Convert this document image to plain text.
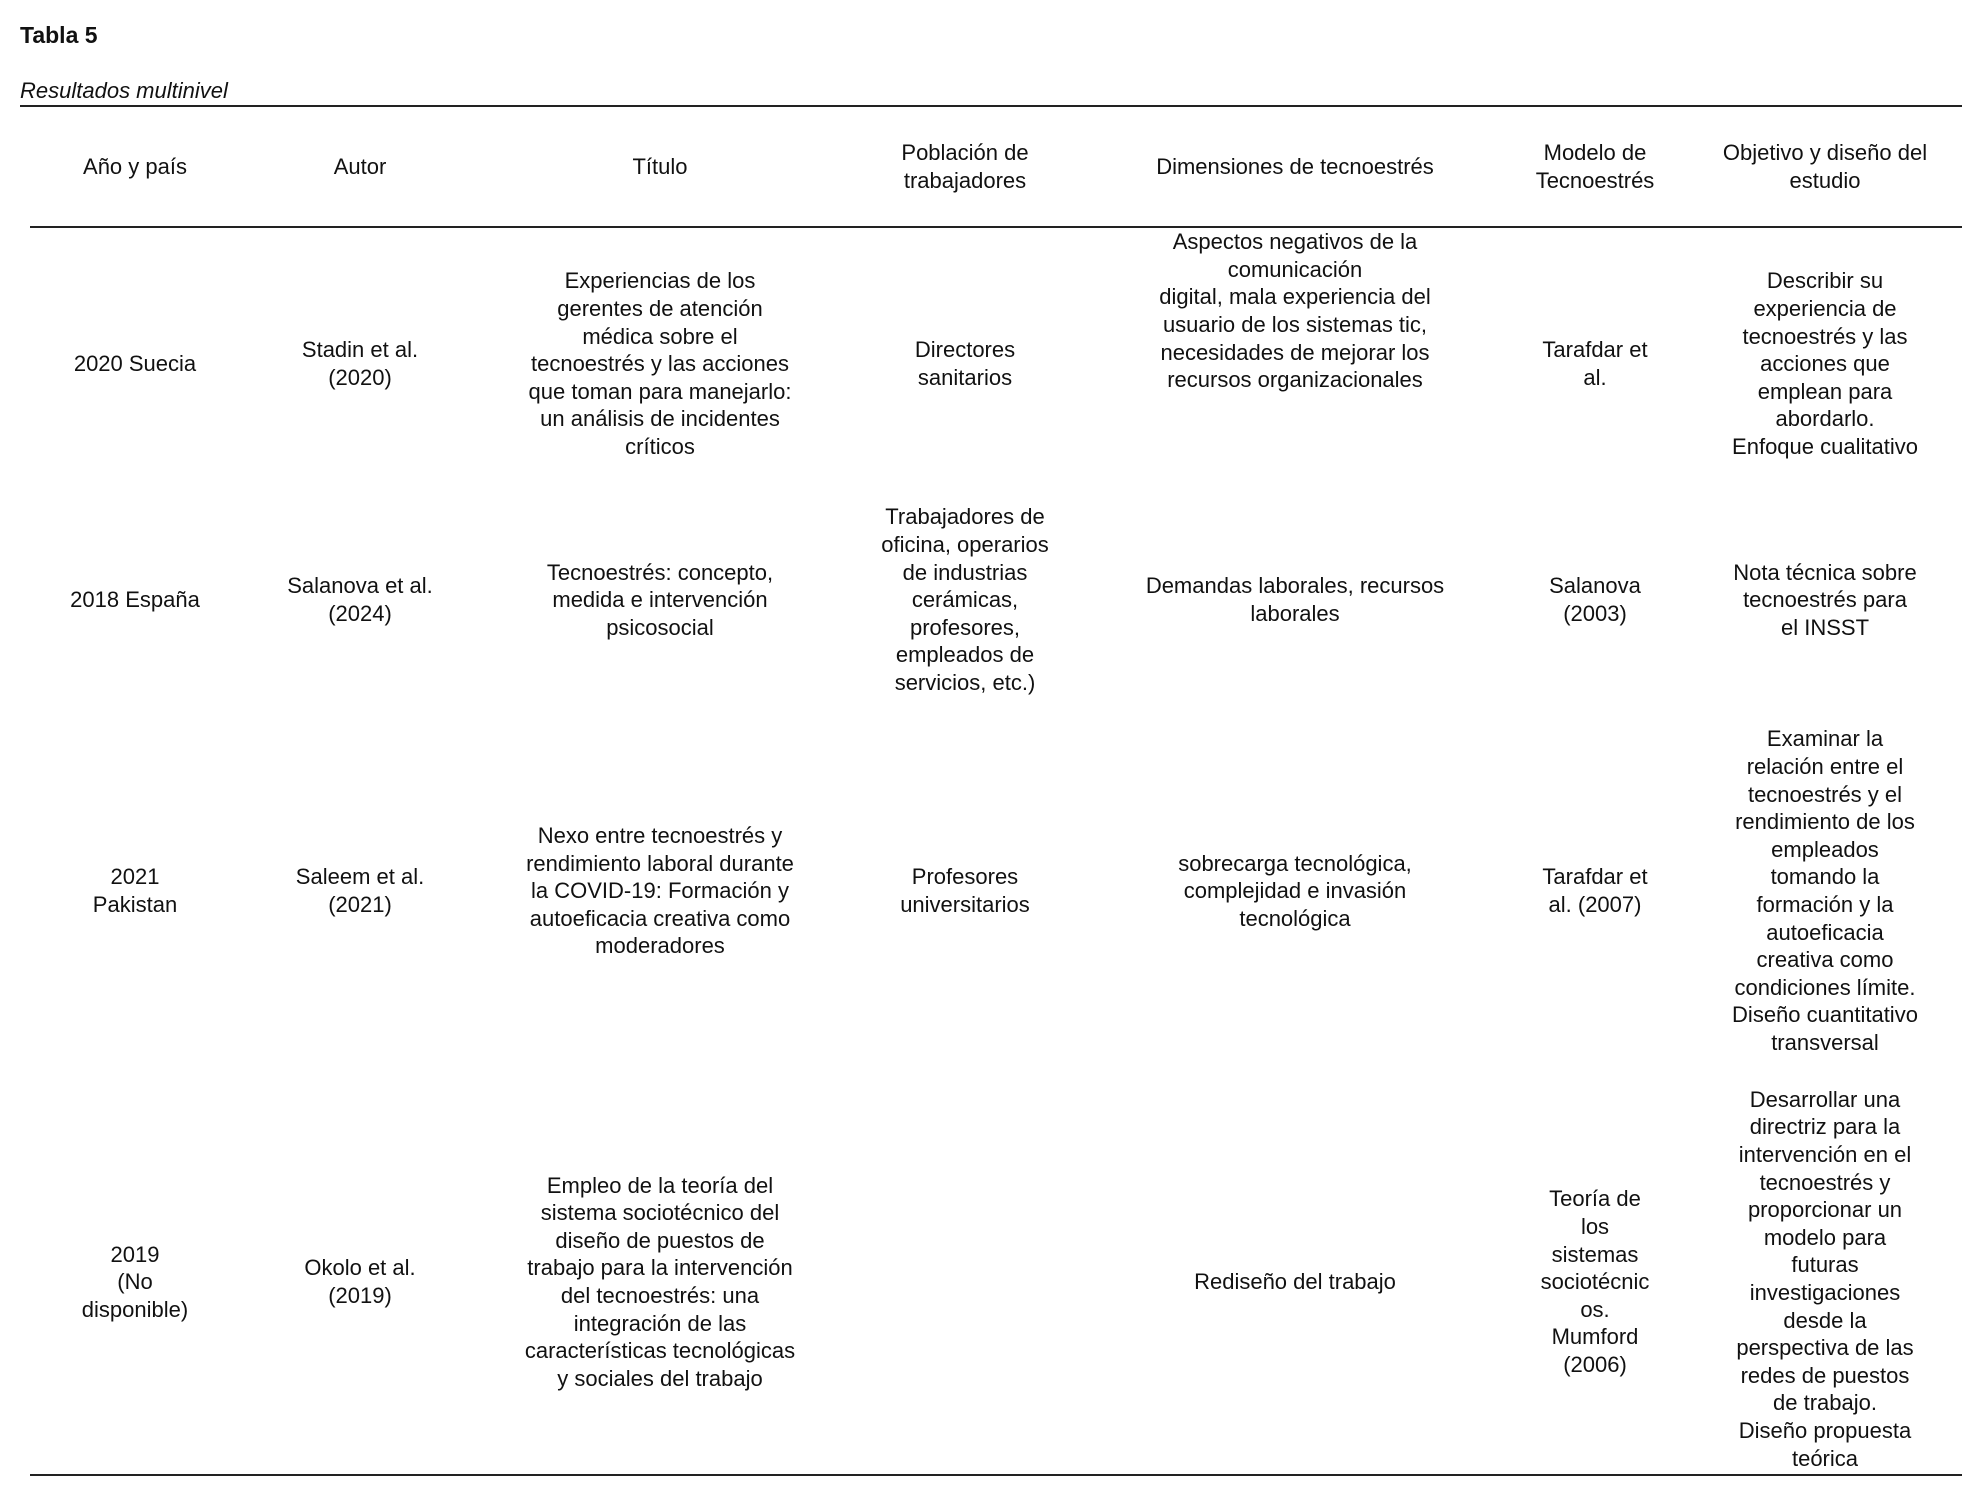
Tabla 5
Resultados multinivel
Año y país	Autor	Título
Población de
trabajadores
Dimensiones de tecnoestrés
Modelo de
Tecnoestrés
Objetivo y diseño del
estudio
2020 Suecia
Stadin et al.
(2020)
Experiencias de los
gerentes de atención
médica sobre el
tecnoestrés y las acciones
que toman para manejarlo:
un análisis de incidentes
críticos
Directores
sanitarios
Aspectos negativos de la
comunicación
digital, mala experiencia del
usuario de los sistemas tic,
necesidades de mejorar los
recursos organizacionales
Tarafdar et
al.
Describir su
experiencia de
tecnoestrés y las
acciones que
emplean para
abordarlo.
Enfoque cualitativo
2018 España
Salanova et al.
(2024)
Tecnoestrés: concepto,
medida e intervención
psicosocial
Trabajadores de
oficina, operarios
de industrias
cerámicas,
profesores,
empleados de
servicios, etc.)
Demandas laborales, recursos
laborales
Salanova
(2003)
Nota técnica sobre
tecnoestrés para
el INSST
2021
Pakistan
Saleem et al.
(2021)
Nexo entre tecnoestrés y
rendimiento laboral durante
la COVID-19: Formación y
autoeficacia creativa como
moderadores
Profesores
universitarios
sobrecarga tecnológica,
complejidad e invasión
tecnológica
Tarafdar et
al. (2007)
Examinar la
relación entre el
tecnoestrés y el
rendimiento de los
empleados
tomando la
formación y la
autoeficacia
creativa como
condiciones límite.
Diseño cuantitativo
transversal
2019
(No
disponible)
Okolo et al.
(2019)
Empleo de la teoría del
sistema sociotécnico del
diseño de puestos de
trabajo para la intervención
del tecnoestrés: una
integración de las
características tecnológicas
y sociales del trabajo
Rediseño del trabajo
Teoría de
los
sistemas
sociotécnic
os.
Mumford
(2006)
Desarrollar una
directriz para la
intervención en el
tecnoestrés y
proporcionar un
modelo para
futuras
investigaciones
desde la
perspectiva de las
redes de puestos
de trabajo.
Diseño propuesta
teórica
